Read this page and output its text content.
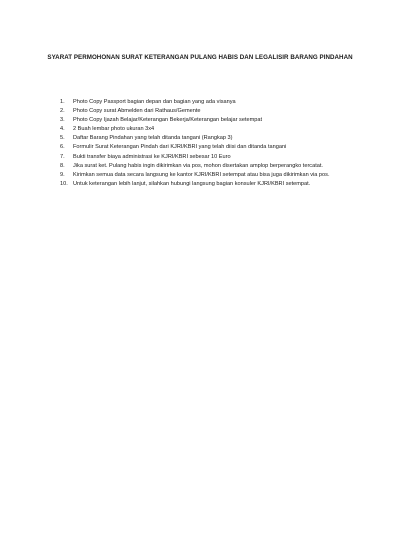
SYARAT PERMOHONAN SURAT KETERANGAN PULANG HABIS DAN LEGALISIR BARANG PINDAHAN
1. Photo Copy Passport bagian depan dan bagian yang ada visanya
2. Photo Copy surat Abmelden dari Rathaus/Gemente
3. Photo Copy Ijazah Belajar/Keterangan Bekerja/Keterangan belajar setempat
4. 2 Buah lembar photo ukuran 3x4
5. Daftar Barang Pindahan yang telah ditanda tangani (Rangkap 3)
6. Formulir Surat Keterangan Pindah dari KJRI/KBRI yang telah diisi dan ditanda tangani
7. Bukti transfer biaya administrasi ke KJRI/KBRI sebesar 10 Euro
8. Jika surat ket. Pulang habis ingin dikirimkan via pos, mohon disertakan amplop berperangko tercatat.
9. Kirimkan semua data secara langsung ke kantor KJRI/KBRI setempat atau bisa juga dikirimkan via pos.
10. Untuk keterangan lebih lanjut, silahkan hubungi langsung bagian konsuler KJRI/KBRI setempat.
